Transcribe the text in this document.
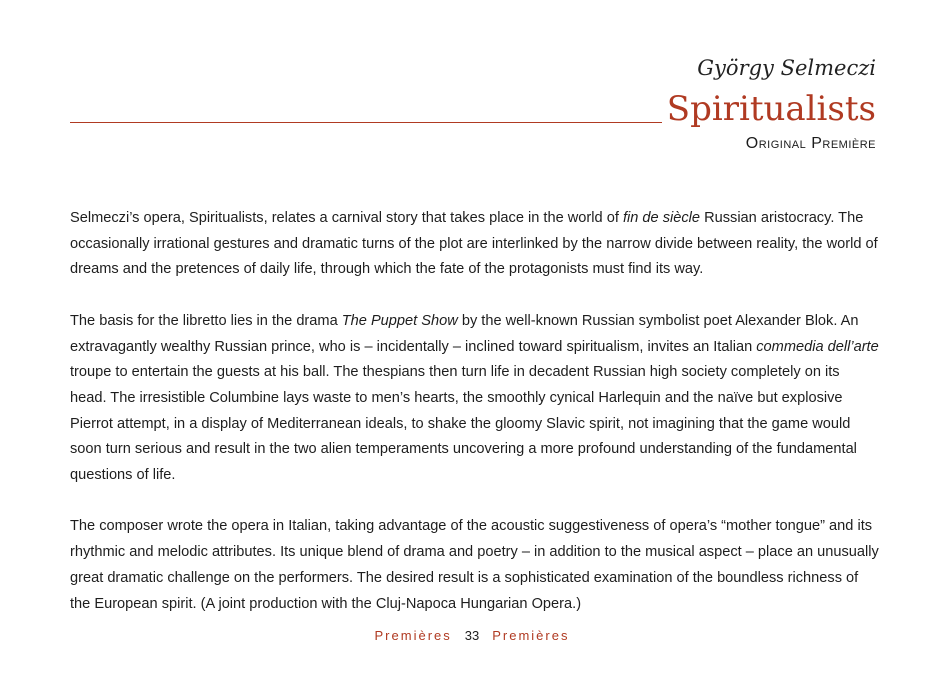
György Selmeczi
Spiritualists
Original Première

Selmeczi’s opera, Spiritualists, relates a carnival story that takes place in the world of fin de siècle Russian aristocracy. The occasionally irrational gestures and dramatic turns of the plot are interlinked by the narrow divide between reality, the world of dreams and the pretences of daily life, through which the fate of the protagonists must find its way.

The basis for the libretto lies in the drama The Puppet Show by the well-known Russian symbolist poet Alexander Blok. An extravagantly wealthy Russian prince, who is – incidentally – inclined toward spiritualism, invites an Italian commedia dell’arte troupe to entertain the guests at his ball. The thespians then turn life in decadent Russian high society completely on its head. The irresistible Columbine lays waste to men’s hearts, the smoothly cynical Harlequin and the naïve but explosive Pierrot attempt, in a display of Mediterranean ideals, to shake the gloomy Slavic spirit, not imagining that the game would soon turn serious and result in the two alien temperaments uncovering a more profound understanding of the fundamental questions of life.

The composer wrote the opera in Italian, taking advantage of the acoustic suggestiveness of opera’s “mother tongue” and its rhythmic and melodic attributes. Its unique blend of drama and poetry – in addition to the musical aspect – place an unusually great dramatic challenge on the performers. The desired result is a sophisticated examination of the boundless richness of the European spirit. (A joint production with the Cluj-Napoca Hungarian Opera.)

Premières 33 Premières
